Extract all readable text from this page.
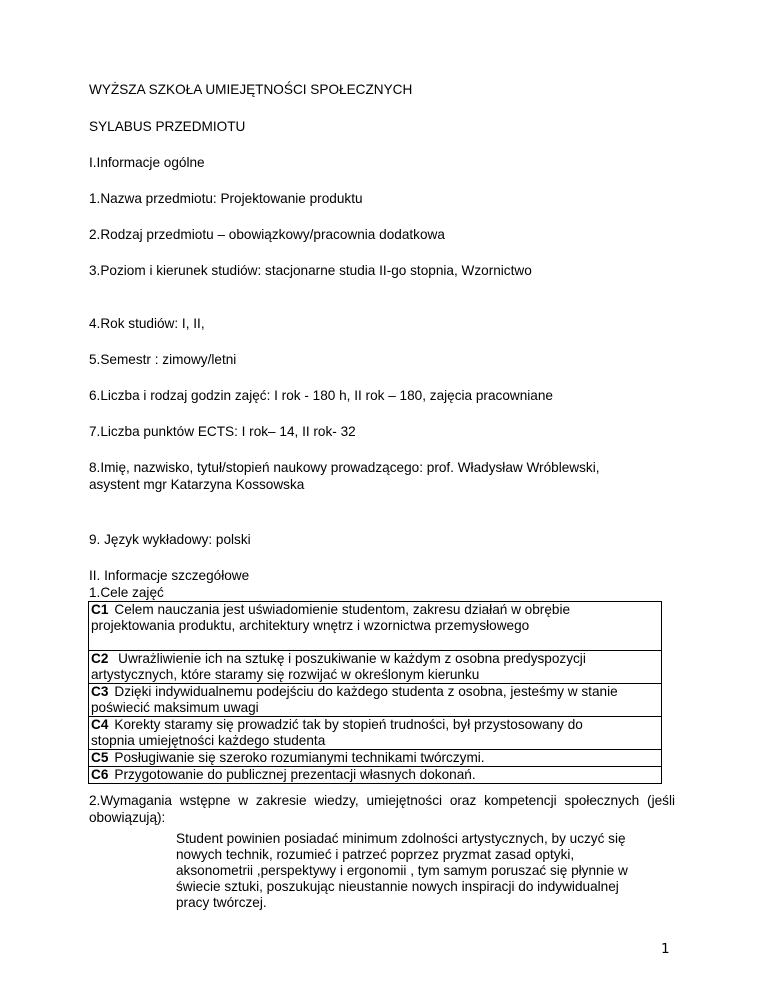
WYŻSZA SZKOŁA UMIEJĘTNOŚCI SPOŁECZNYCH
SYLABUS PRZEDMIOTU
I.Informacje ogólne
1.Nazwa przedmiotu: Projektowanie produktu
2.Rodzaj przedmiotu – obowiązkowy/pracownia dodatkowa
3.Poziom i kierunek studiów: stacjonarne studia II-go stopnia, Wzornictwo
4.Rok studiów: I, II,
5.Semestr : zimowy/letni
6.Liczba i rodzaj godzin zajęć: I rok - 180 h, II rok – 180, zajęcia pracowniane
7.Liczba punktów ECTS: I rok– 14, II rok- 32
8.Imię, nazwisko, tytuł/stopień naukowy prowadzącego: prof. Władysław Wróblewski,
asystent mgr Katarzyna Kossowska
9. Język wykładowy: polski
II. Informacje szczegółowe
1.Cele zajęć
C1 Celem nauczania jest uświadomienie studentom, zakresu działań w obrębie
projektowania produktu, architektury wnętrz i wzornictwa przemysłowego
C2 Uwrażliwienie ich na sztukę i poszukiwanie w każdym z osobna predyspozycji
artystycznych, które staramy się rozwijać w określonym kierunku
C3 Dzięki indywidualnemu podejściu do każdego studenta z osobna, jesteśmy w stanie
poświecić maksimum uwagi
C4 Korekty staramy się prowadzić tak by stopień trudności, był przystosowany do
stopnia umiejętności każdego studenta
C5 Posługiwanie się szeroko rozumianymi technikami twórczymi.
C6 Przygotowanie do publicznej prezentacji własnych dokonań.
2.Wymagania wstępne w zakresie wiedzy, umiejętności oraz kompetencji społecznych (jeśli obowiązują):
Student powinien posiadać minimum zdolności artystycznych, by uczyć się
nowych technik, rozumieć i patrzeć poprzez pryzmat zasad optyki,
aksonometrii ,perspektywy i ergonomii , tym samym poruszać się płynnie w
świecie sztuki, poszukując nieustannie nowych inspiracji do indywidualnej
pracy twórczej.
1
